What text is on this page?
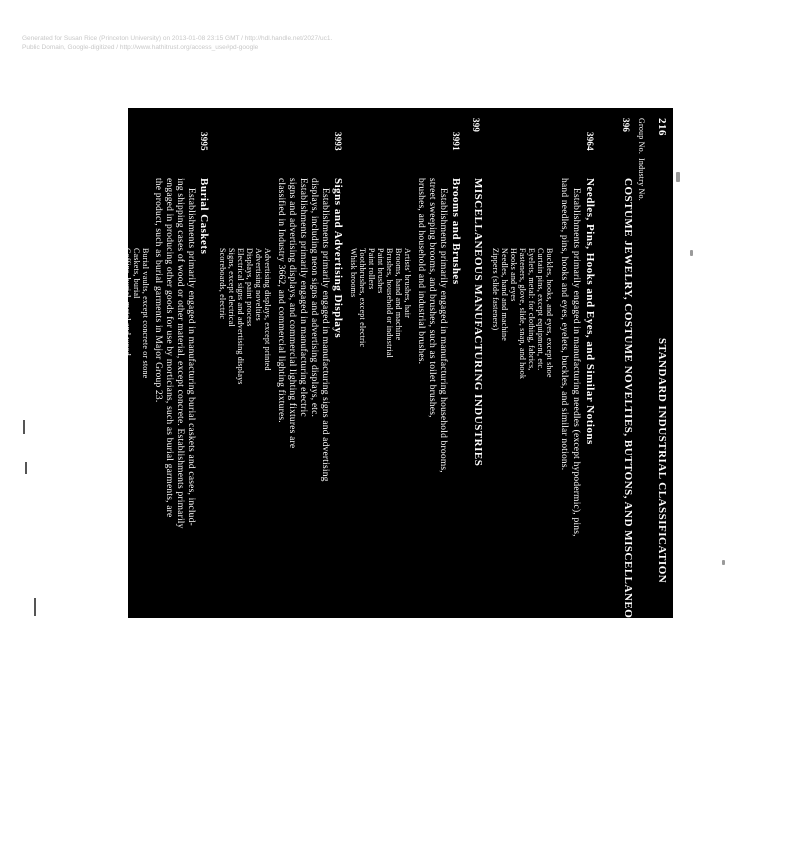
Generated for Susan Rice (Princeton University) on 2013-01-08 23:15 GMT / http://hdl.handle.net/2027/uc1.
Public Domain, Google-digitized / http://www.hathitrust.org/access_use#pd-google
216
STANDARD INDUSTRIAL CLASSIFICATION
Group No.
Industry No.
396
COSTUME JEWELRY, COSTUME NOVELTIES, BUTTONS, AND MISCELLANEOUS NOTIONS, EXCEPT PRECIOUS METAL
3964
Needles, Pins, Hooks and Eyes, and Similar Notions
Establishments primarily engaged in manufacturing needles (except hypodermic), pins,
hand needles, pins, hooks and eyes, eyelets, buckles, and similar notions.
Buckles, hooks, and eyes, except shoe
Curtain pins, except equipment, etc.
Eyelets, metal: for clothing, fabrics,
Fasteners, glove, slide, snap, and hook
Hooks and eyes
Needles, hand and machine
Zippers (slide fasteners)
399
MISCELLANEOUS MANUFACTURING INDUSTRIES
3991
Brooms and Brushes
Establishments primarily engaged in manufacturing household brooms,
street sweeping brooms, and brushes, such as toilet brushes,
brushes, and household and industrial brushes.
Artists' brushes, hair
Brooms, hand and machine
Brushes, household or industrial
Paint brushes
Paint rollers
Toothbrushes, except electric
Whisk brooms
3993
Signs and Advertising Displays
Establishments primarily engaged in manufacturing signs and advertising
displays, including neon signs and advertising displays, etc.
Establishments primarily engaged in manufacturing electric
signs and advertising displays, and commercial lighting fixtures are
classified in Industry 3662, and commercial lighting fixtures.
Advertising displays, except printed
Advertising novelties
Displays, paint process
Electrical signs and advertising displays
Signs, except electrical
Scoreboards, electric
3995
Burial Caskets
Establishments primarily engaged in manufacturing burial caskets and cases, includ-
ing shipping cases of wood or other material, except concrete. Establishments primarily
engaged in producing other goods for use by morticians, such as burial garments, are
the product, such as burial garments in Major Group 23.
Burial vaults, except concrete or stone
Caskets, burial
Coffins, burial, metal and wood
3996
Linoleum, Asphalted-Felt-Base, and Other Hard Surface Floor Coverings, Not Elsewhere Classified
Establishments primarily engaged in manufacturing linoleum, asphalted-felt-base,
and other hard surface floor coverings, not elsewhere classified. Establishments pri-
marily engaged in manufacturing rubber floor coverings are classified in Industry 3069,
and cork floor and wall tile in Industry 2499.
Carpets, asphalted-felt-base (linoleum)
Floor coverings, asphalted-felt-base
(linoleum)
